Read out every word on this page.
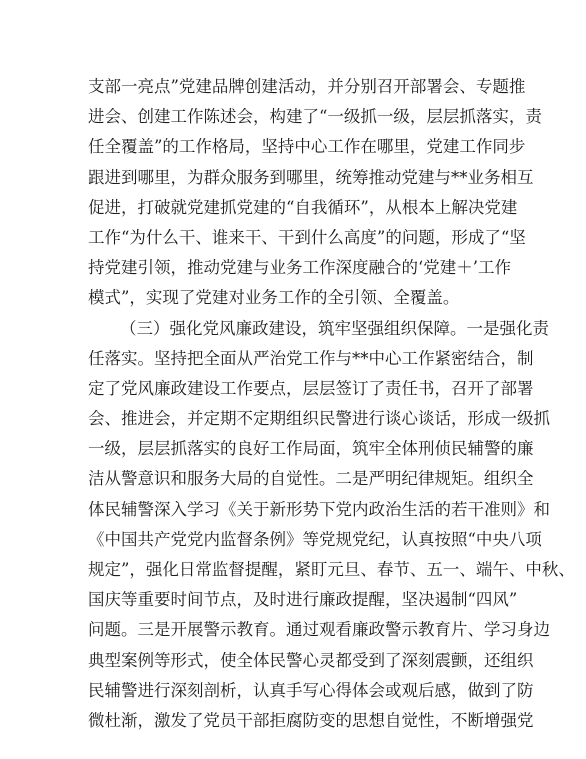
支部一亮点”党建品牌创建活动，并分别召开部署会、专题推
进会、创建工作陈述会，构建了“一级抓一级，层层抓落实，责
任全覆盖”的工作格局，坚持中心工作在哪里，党建工作同步
跟进到哪里，为群众服务到哪里，统筹推动党建与**业务相互
促进，打破就党建抓党建的“自我循环”，从根本上解决党建
工作“为什么干、谁来干、干到什么高度”的问题，形成了“坚
持党建引领，推动党建与业务工作深度融合的‘党建＋’工作
模式”，实现了党建对业务工作的全引领、全覆盖。
（三）强化党风廉政建设，筑牢坚强组织保障。一是强化责
任落实。坚持把全面从严治党工作与**中心工作紧密结合，制
定了党风廉政建设工作要点，层层签订了责任书，召开了部署
会、推进会，并定期不定期组织民警进行谈心谈话，形成一级抓
一级，层层抓落实的良好工作局面，筑牢全体刑侦民辅警的廉
洁从警意识和服务大局的自觉性。二是严明纪律规矩。组织全
体民辅警深入学习《关于新形势下党内政治生活的若干准则》和
《中国共产党党内监督条例》等党规党纪，认真按照“中央八项
规定”，强化日常监督提醒，紧盯元旦、春节、五一、端午、中秋、
国庆等重要时间节点，及时进行廉政提醒，坚决遏制“四风”
问题。三是开展警示教育。通过观看廉政警示教育片、学习身边
典型案例等形式，使全体民警心灵都受到了深刻震颤，还组织
民辅警进行深刻剖析，认真手写心得体会或观后感，做到了防
微杜渐，激发了党员干部拒腐防变的思想自觉性，不断增强党
